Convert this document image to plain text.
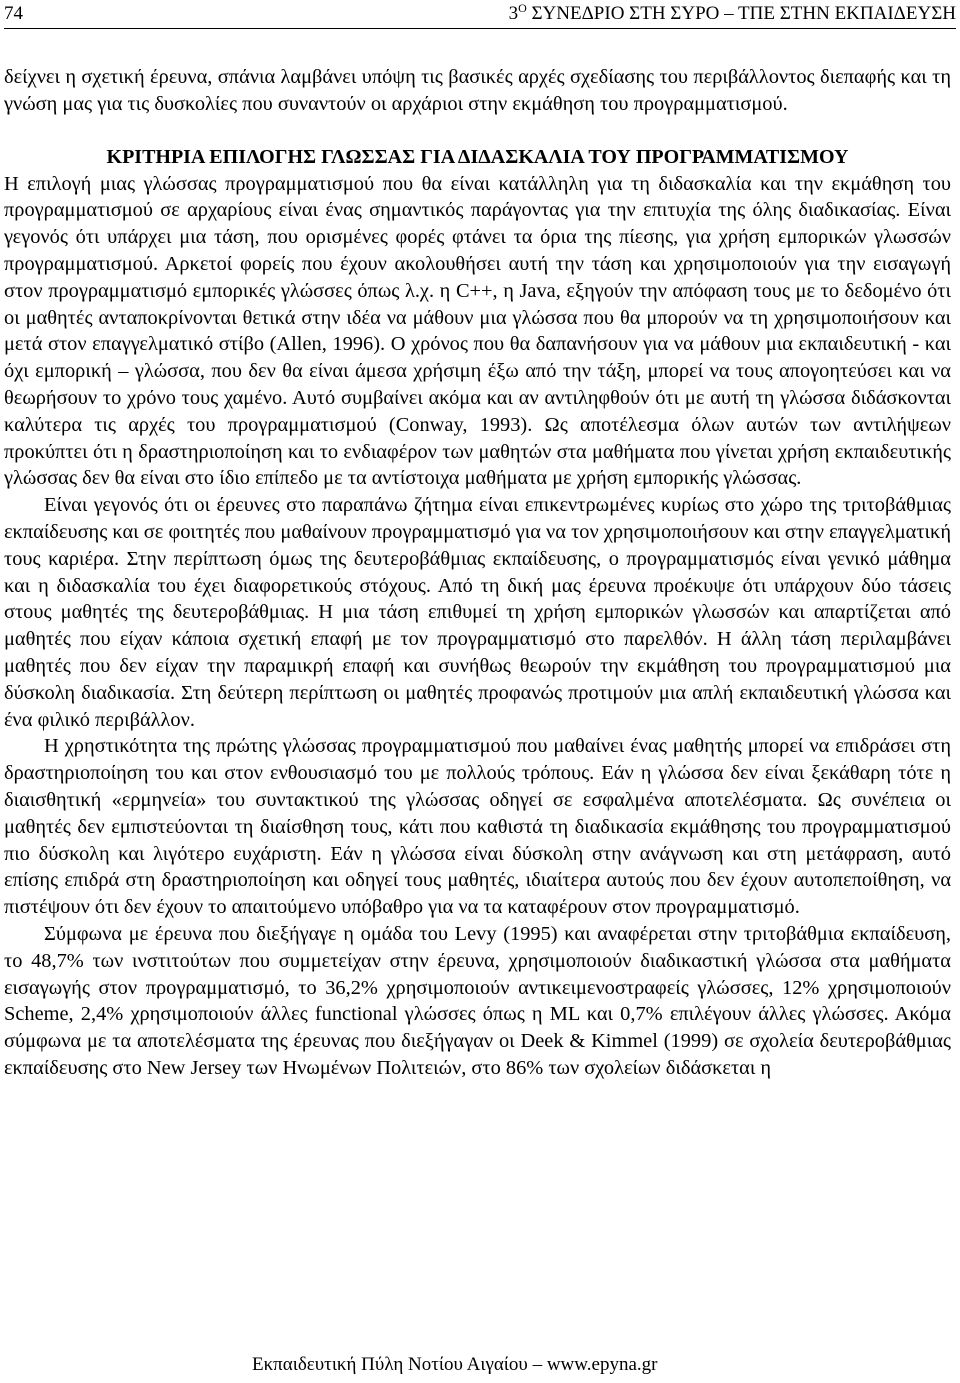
74	$3^O$ ΣΥΝΕΔΡΙΟ ΣΤΗ ΣΥΡΟ – ΤΠΕ ΣΤΗΝ ΕΚΠΑΙΔΕΥΣΗ

δείχνει η σχετική έρευνα, σπάνια λαμβάνει υπόψη τις βασικές αρχές σχεδίασης του περιβάλλοντος διεπαφής και τη γνώση μας για τις δυσκολίες που συναντούν οι αρχάριοι στην εκμάθηση του προγραμματισμού.

ΚΡΙΤΗΡΙΑ ΕΠΙΛΟΓΗΣ ΓΛΩΣΣΑΣ ΓΙΑ ΔΙΔΑΣΚΑΛΙΑ ΤΟΥ ΠΡΟΓΡΑΜΜΑΤΙΣΜΟΥ

Η επιλογή μιας γλώσσας προγραμματισμού που θα είναι κατάλληλη για τη διδασκαλία και την εκμάθηση του προγραμματισμού σε αρχαρίους είναι ένας σημαντικός παράγοντας για την επιτυχία της όλης διαδικασίας. Είναι γεγονός ότι υπάρχει μια τάση, που ορισμένες φορές φτάνει τα όρια της πίεσης, για χρήση εμπορικών γλωσσών προγραμματισμού. Αρκετοί φορείς που έχουν ακολουθήσει αυτή την τάση και χρησιμοποιούν για την εισαγωγή στον προγραμματισμό εμπορικές γλώσσες όπως λ.χ. η C++, η Java, εξηγούν την απόφαση τους με το δεδομένο ότι οι μαθητές ανταποκρίνονται θετικά στην ιδέα να μάθουν μια γλώσσα που θα μπορούν να τη χρησιμοποιήσουν και μετά στον επαγγελματικό στίβο (Allen, 1996). Ο χρόνος που θα δαπανήσουν για να μάθουν μια εκπαιδευτική - και όχι εμπορική – γλώσσα, που δεν θα είναι άμεσα χρήσιμη έξω από την τάξη, μπορεί να τους απογοητεύσει και να θεωρήσουν το χρόνο τους χαμένο. Αυτό συμβαίνει ακόμα και αν αντιληφθούν ότι με αυτή τη γλώσσα διδάσκονται καλύτερα τις αρχές του προγραμματισμού (Conway, 1993). Ως αποτέλεσμα όλων αυτών των αντιλήψεων προκύπτει ότι η δραστηριοποίηση και το ενδιαφέρον των μαθητών στα μαθήματα που γίνεται χρήση εκπαιδευτικής γλώσσας δεν θα είναι στο ίδιο επίπεδο με τα αντίστοιχα μαθήματα με χρήση εμπορικής γλώσσας.

Είναι γεγονός ότι οι έρευνες στο παραπάνω ζήτημα είναι επικεντρωμένες κυρίως στο χώρο της τριτοβάθμιας εκπαίδευσης και σε φοιτητές που μαθαίνουν προγραμματισμό για να τον χρησιμοποιήσουν και στην επαγγελματική τους καριέρα. Στην περίπτωση όμως της δευτεροβάθμιας εκπαίδευσης, ο προγραμματισμός είναι γενικό μάθημα και η διδασκαλία του έχει διαφορετικούς στόχους. Από τη δική μας έρευνα προέκυψε ότι υπάρχουν δύο τάσεις στους μαθητές της δευτεροβάθμιας. Η μια τάση επιθυμεί τη χρήση εμπορικών γλωσσών και απαρτίζεται από μαθητές που είχαν κάποια σχετική επαφή με τον προγραμματισμό στο παρελθόν. Η άλλη τάση περιλαμβάνει μαθητές που δεν είχαν την παραμικρή επαφή και συνήθως θεωρούν την εκμάθηση του προγραμματισμού μια δύσκολη διαδικασία. Στη δεύτερη περίπτωση οι μαθητές προφανώς προτιμούν μια απλή εκπαιδευτική γλώσσα και ένα φιλικό περιβάλλον.

Η χρηστικότητα της πρώτης γλώσσας προγραμματισμού που μαθαίνει ένας μαθητής μπορεί να επιδράσει στη δραστηριοποίηση του και στον ενθουσιασμό του με πολλούς τρόπους. Εάν η γλώσσα δεν είναι ξεκάθαρη τότε η διαισθητική «ερμηνεία» του συντακτικού της γλώσσας οδηγεί σε εσφαλμένα αποτελέσματα. Ως συνέπεια οι μαθητές δεν εμπιστεύονται τη διαίσθηση τους, κάτι που καθιστά τη διαδικασία εκμάθησης του προγραμματισμού πιο δύσκολη και λιγότερο ευχάριστη. Εάν η γλώσσα είναι δύσκολη στην ανάγνωση και στη μετάφραση, αυτό επίσης επιδρά στη δραστηριοποίηση και οδηγεί τους μαθητές, ιδιαίτερα αυτούς που δεν έχουν αυτοπεποίθηση, να πιστέψουν ότι δεν έχουν το απαιτούμενο υπόβαθρο για να τα καταφέρουν στον προγραμματισμό.

Σύμφωνα με έρευνα που διεξήγαγε η ομάδα του Levy (1995) και αναφέρεται στην τριτοβάθμια εκπαίδευση, το 48,7% των ινστιτούτων που συμμετείχαν στην έρευνα, χρησιμοποιούν διαδικαστική γλώσσα στα μαθήματα εισαγωγής στον προγραμματισμό, το 36,2% χρησιμοποιούν αντικειμενοστραφείς γλώσσες, 12% χρησιμοποιούν Scheme, 2,4% χρησιμοποιούν άλλες functional γλώσσες όπως η ML και 0,7% επιλέγουν άλλες γλώσσες. Ακόμα σύμφωνα με τα αποτελέσματα της έρευνας που διεξήγαγαν οι Deek & Kimmel (1999) σε σχολεία δευτεροβάθμιας εκπαίδευσης στο New Jersey των Ηνωμένων Πολιτειών, στο 86% των σχολείων διδάσκεται η

Εκπαιδευτική Πύλη Νοτίου Αιγαίου – www.epyna.gr
